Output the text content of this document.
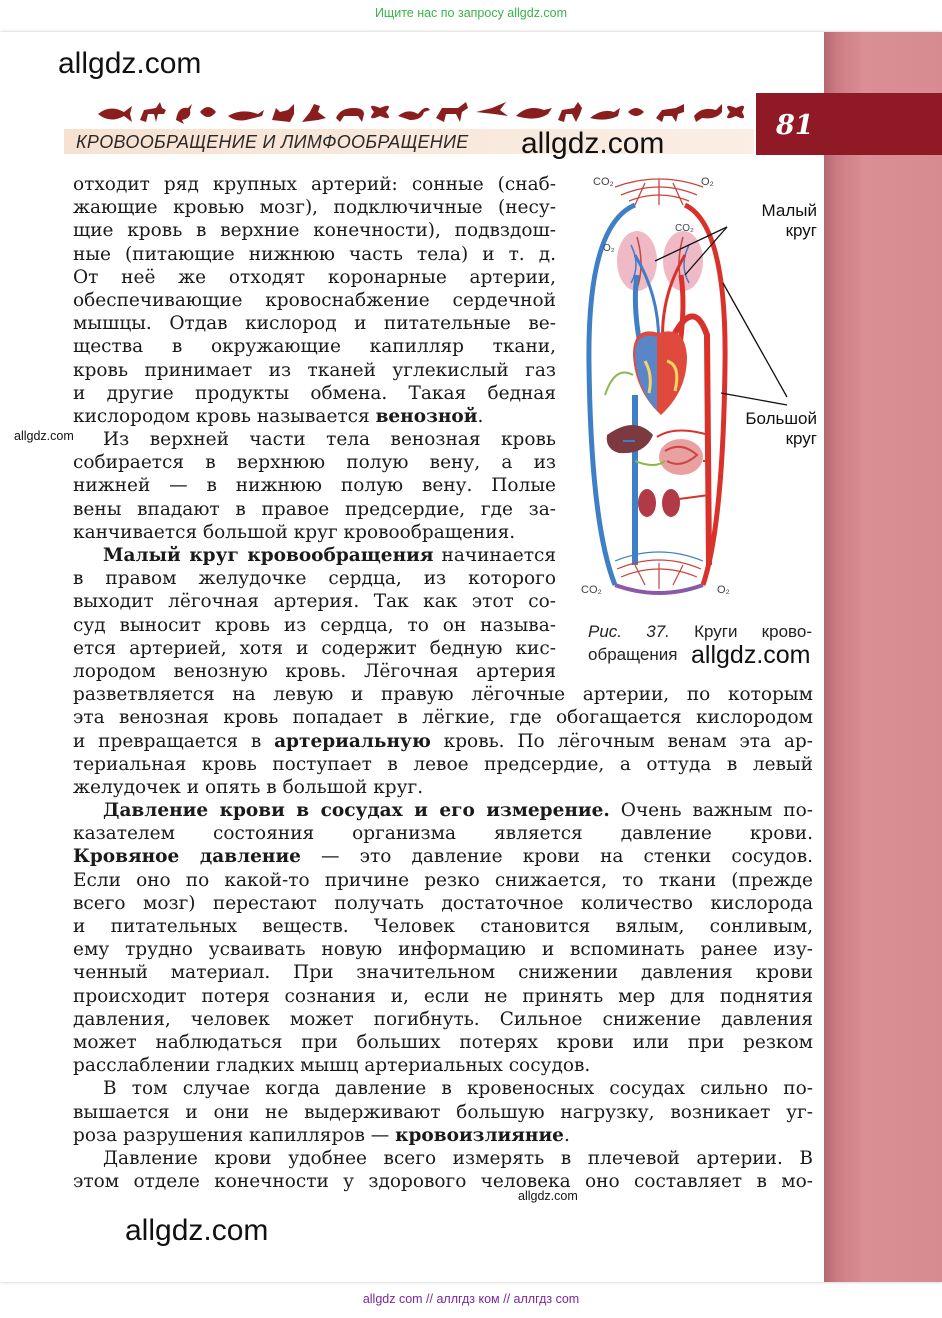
Ищите нас по запросу allgdz.com
81
КРОВООБРАЩЕНИЕ И ЛИМФООБРАЩЕНИЕ
allgdz.com
allgdz.com
allgdz.com
отходит ряд крупных артерий: сонные (снаб-
жающие кровью мозг), подключичные (несу-
щие кровь в верхние конечности), подвздош-
ные (питающие нижнюю часть тела) и т. д.
От неё же отходят коронарные артерии,
обеспечивающие кровоснабжение сердечной
мышцы. Отдав кислород и питательные ве-
щества в окружающие капилляр ткани,
кровь принимает из тканей углекислый газ
и другие продукты обмена. Такая бедная
кислородом кровь называется венозной.
Из верхней части тела венозная кровь
собирается в верхнюю полую вену, а из
нижней — в нижнюю полую вену. Полые
вены впадают в правое предсердие, где за-
канчивается большой круг кровообращения.
Малый круг кровообращения начинается
в правом желудочке сердца, из которого
выходит лёгочная артерия. Так как этот со-
суд выносит кровь из сердца, то он называ-
ется артерией, хотя и содержит бедную кис-
лородом венозную кровь. Лёгочная артерия
разветвляется на левую и правую лёгочные артерии, по которым
эта венозная кровь попадает в лёгкие, где обогащается кислородом
и превращается в артериальную кровь. По лёгочным венам эта ар-
териальная кровь поступает в левое предсердие, а оттуда в левый
желудочек и опять в большой круг.
Давление крови в сосудах и его измерение. Очень важным по-
казателем состояния организма является давление крови.
Кровяное давление — это давление крови на стенки сосудов.
Если оно по какой-то причине резко снижается, то ткани (прежде
всего мозг) перестают получать достаточное количество кислорода
и питательных веществ. Человек становится вялым, сонливым,
ему трудно усваивать новую информацию и вспоминать ранее изу-
ченный материал. При значительном снижении давления крови
происходит потеря сознания и, если не принять мер для поднятия
давления, человек может погибнуть. Сильное снижение давления
может наблюдаться при больших потерях крови или при резком
расслаблении гладких мышц артериальных сосудов.
В том случае когда давление в кровеносных сосудах сильно по-
вышается и они не выдерживают большую нагрузку, возникает уг-
роза разрушения капилляров — кровоизлияние.
Давление крови удобнее всего измерять в плечевой артерии. В
этом отделе конечности у здорового человека оно составляет в мо-
CO₂	O₂
O₂
CO₂
CO₂	O₂
Малый
круг
Большой
круг
Рис. 37. Круги крово-
обращения allgdz.com
allgdz.com
allgdz.com
allgdz com // аллгдз ком // аллгдз com
